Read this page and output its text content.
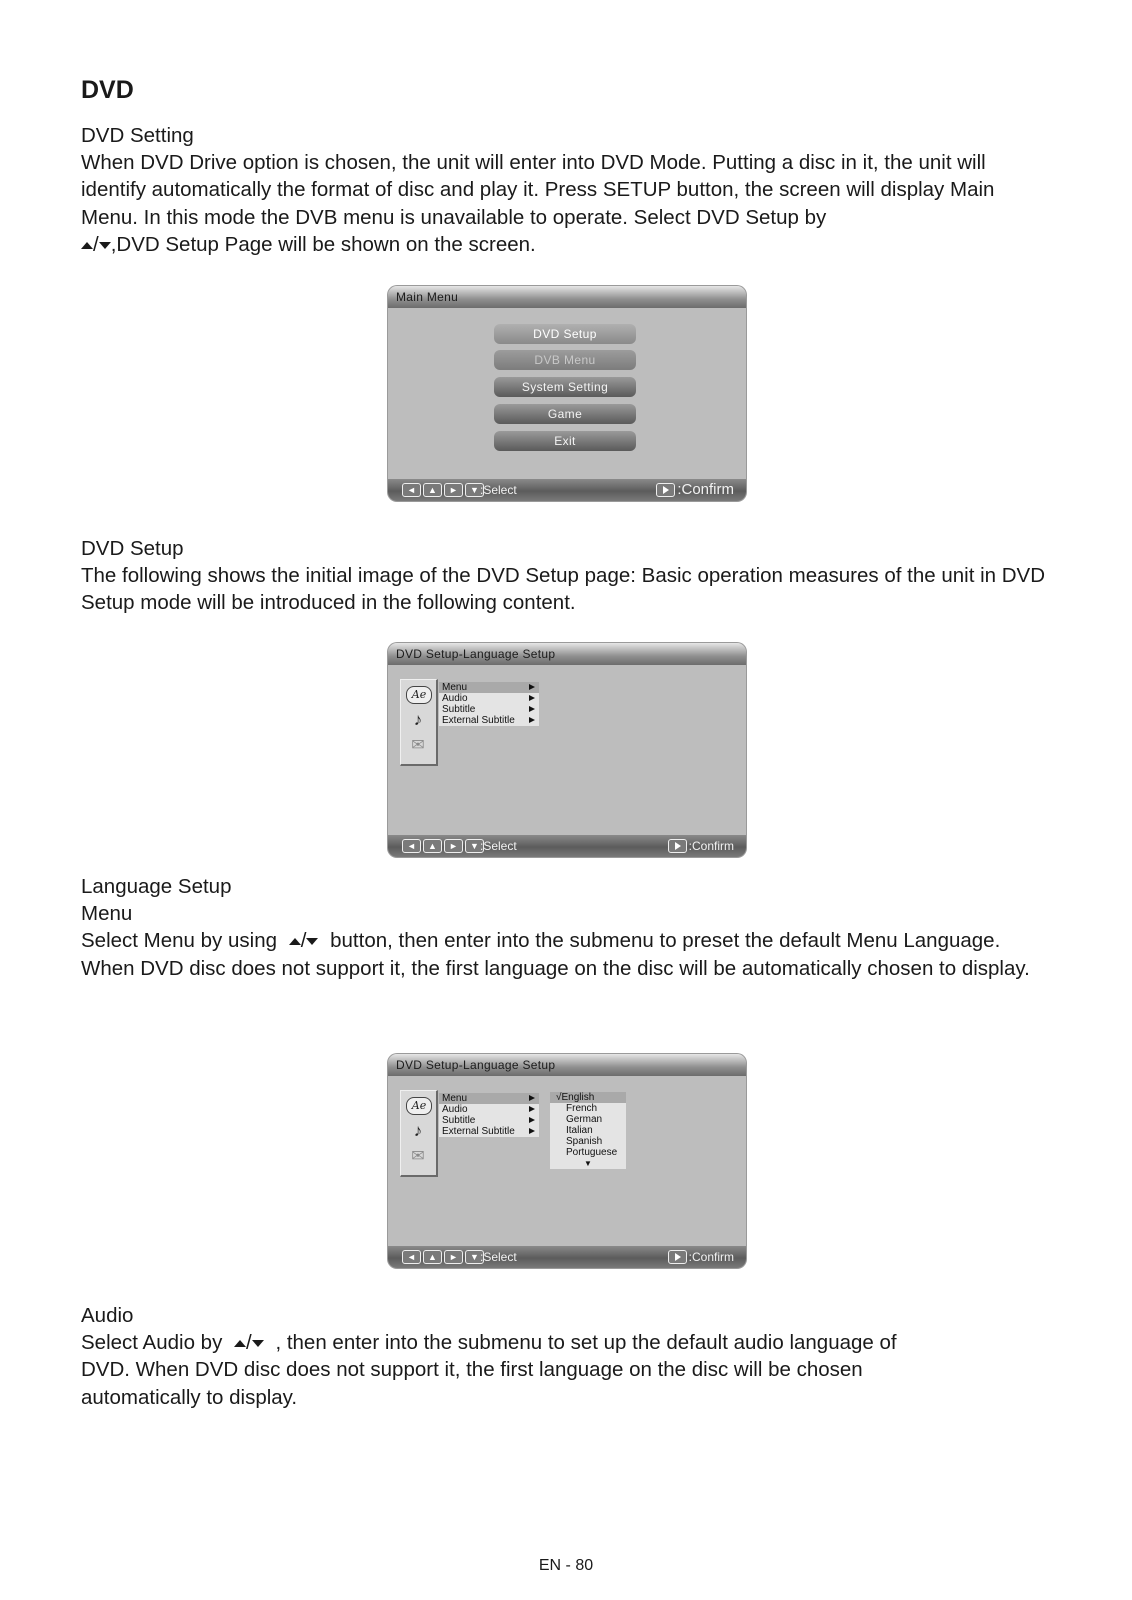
DVD
DVD Setting
When DVD Drive option is chosen, the unit will enter into DVD Mode. Putting a disc in it, the unit will identify automatically the format of disc and play it. Press SETUP button, the screen will display Main Menu. In this mode the DVB menu is unavailable to operate. Select DVD Setup by
/ ,DVD Setup Page will be shown on the screen.
Main Menu
DVD Setup
DVB Menu
System Setting
Game
Exit
◄	▲	►	▼ :Select	:Confirm
DVD Setup
The following shows the initial image of the DVD Setup page: Basic operation measures of the unit in DVD Setup mode will be introduced in the following content.
DVD Setup-Language Setup
Ae
♪
✉
Menu
Audio
Subtitle
External Subtitle
◄	▲	►	▼ :Select	:Confirm
Language Setup
Menu
Select Menu by using / button, then enter into the submenu to preset the default Menu Language. When DVD disc does not support it, the first language on the disc will be automatically chosen to display.
DVD Setup-Language Setup
Ae
♪
✉
Menu
Audio
Subtitle
External Subtitle
√English
French
German
Italian
Spanish
Portuguese
▼
◄	▲	►	▼ :Select	:Confirm
Audio
Select Audio by / , then enter into the submenu to set up the default audio language of DVD. When DVD disc does not support it, the first language on the disc will be chosen automatically to display.
EN - 80
